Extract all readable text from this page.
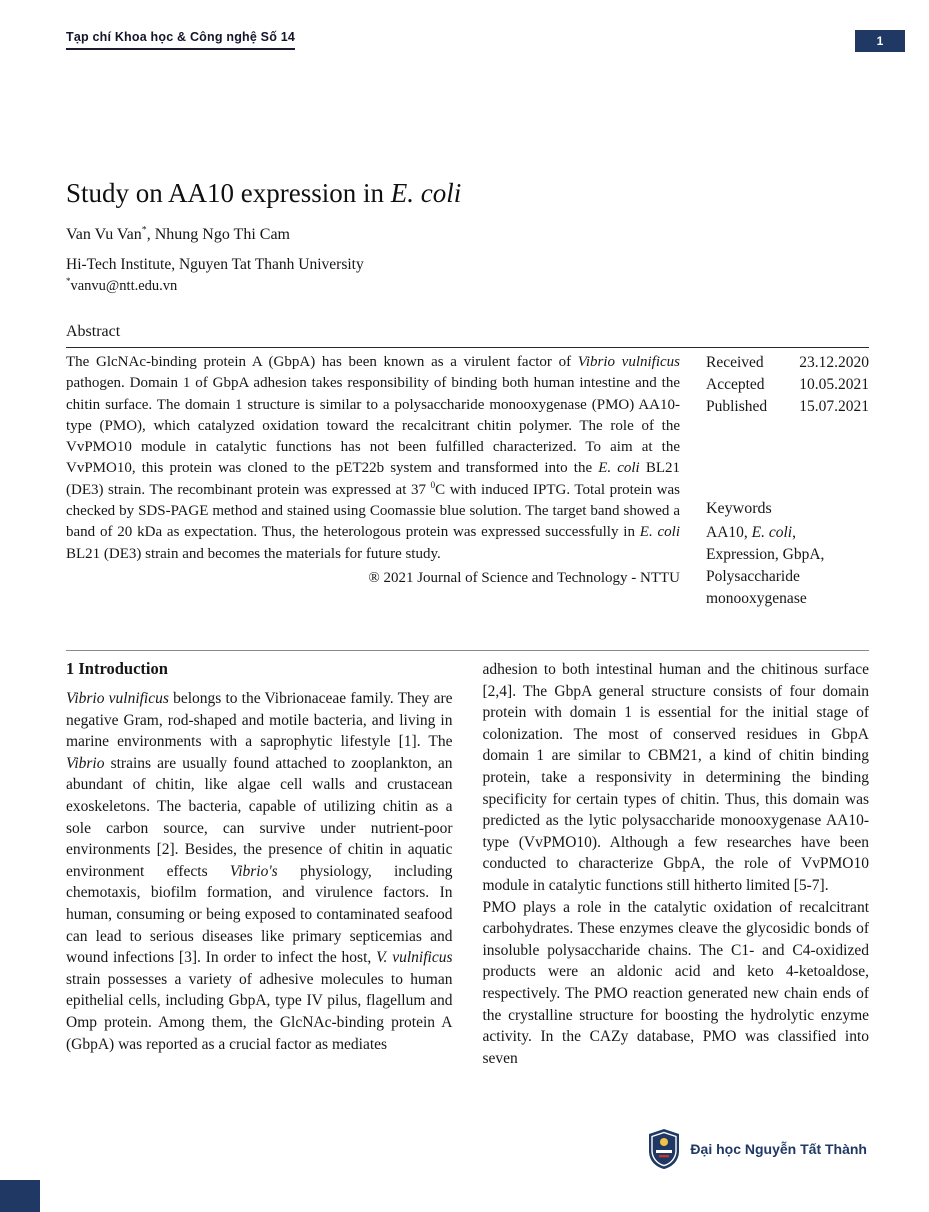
Tạp chí Khoa học & Công nghệ Số 14	1
Study on AA10 expression in E. coli
Van Vu Van*, Nhung Ngo Thi Cam
Hi-Tech Institute, Nguyen Tat Thanh University
*vanvu@ntt.edu.vn
Abstract
The GlcNAc-binding protein A (GbpA) has been known as a virulent factor of Vibrio vulnificus pathogen. Domain 1 of GbpA adhesion takes responsibility of binding both human intestine and the chitin surface. The domain 1 structure is similar to a polysaccharide monooxygenase (PMO) AA10-type (PMO), which catalyzed oxidation toward the recalcitrant chitin polymer. The role of the VvPMO10 module in catalytic functions has not been fulfilled characterized. To aim at the VvPMO10, this protein was cloned to the pET22b system and transformed into the E. coli BL21 (DE3) strain. The recombinant protein was expressed at 37 $^0$C with induced IPTG. Total protein was checked by SDS-PAGE method and stained using Coomassie blue solution. The target band showed a band of 20 kDa as expectation. Thus, the heterologous protein was expressed successfully in E. coli BL21 (DE3) strain and becomes the materials for future study.
® 2021 Journal of Science and Technology - NTTU
Received 23.12.2020
Accepted 10.05.2021
Published 15.07.2021
Keywords
AA10, E. coli, Expression, GbpA, Polysaccharide monooxygenase
1 Introduction

Vibrio vulnificus belongs to the Vibrionaceae family. They are negative Gram, rod-shaped and motile bacteria, and living in marine environments with a saprophytic lifestyle [1]. The Vibrio strains are usually found attached to zooplankton, an abundant of chitin, like algae cell walls and crustacean exoskeletons. The bacteria, capable of utilizing chitin as a sole carbon source, can survive under nutrient-poor environments [2]. Besides, the presence of chitin in aquatic environment effects Vibrio's physiology, including chemotaxis, biofilm formation, and virulence factors. In human, consuming or being exposed to contaminated seafood can lead to serious diseases like primary septicemias and wound infections [3]. In order to infect the host, V. vulnificus strain possesses a variety of adhesive molecules to human epithelial cells, including GbpA, type IV pilus, flagellum and Omp protein. Among them, the GlcNAc-binding protein A (GbpA) was reported as a crucial factor as mediates

adhesion to both intestinal human and the chitinous surface [2,4]. The GbpA general structure consists of four domain protein with domain 1 is essential for the initial stage of colonization. The most of conserved residues in GbpA domain 1 are similar to CBM21, a kind of chitin binding protein, take a responsivity in determining the binding specificity for certain types of chitin. Thus, this domain was predicted as the lytic polysaccharide monooxygenase AA10-type (VvPMO10). Although a few researches have been conducted to characterize GbpA, the role of VvPMO10 module in catalytic functions still hitherto limited [5-7].

PMO plays a role in the catalytic oxidation of recalcitrant carbohydrates. These enzymes cleave the glycosidic bonds of insoluble polysaccharide chains. The C1- and C4-oxidized products were an aldonic acid and keto 4-ketoaldose, respectively. The PMO reaction generated new chain ends of the crystalline structure for boosting the hydrolytic enzyme activity. In the CAZy database, PMO was classified into seven

Đại học Nguyễn Tất Thành
